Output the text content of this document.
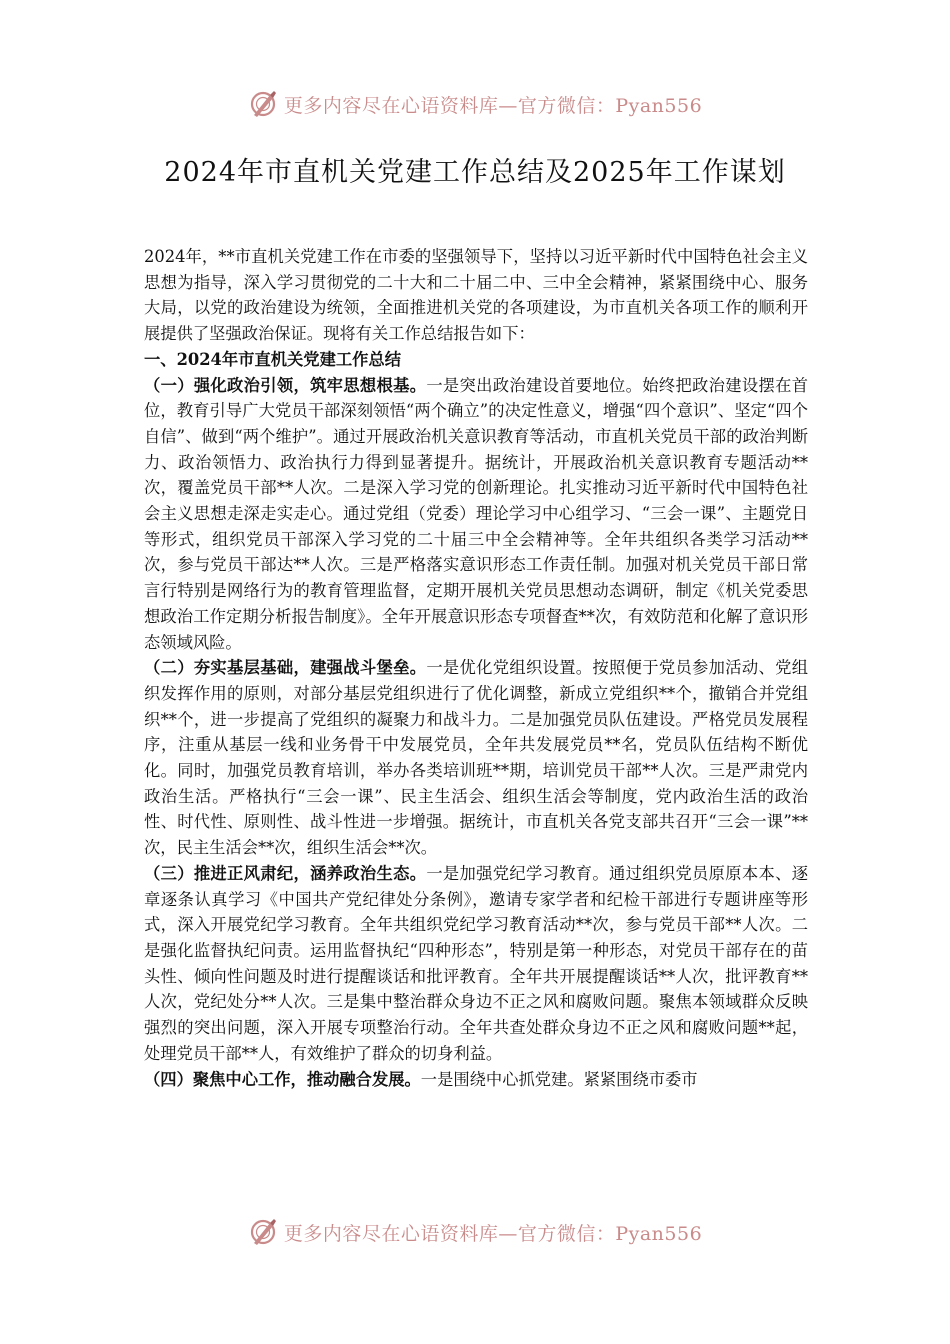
更多内容尽在心语资料库—官方微信：Pyan556
2024年市直机关党建工作总结及2025年工作谋划

2024年，**市直机关党建工作在市委的坚强领导下，坚持以习近平新时代中国特色社会主义思想为指导，深入学习贯彻党的二十大和二十届二中、三中全会精神，紧紧围绕中心、服务大局，以党的政治建设为统领，全面推进机关党的各项建设，为市直机关各项工作的顺利开展提供了坚强政治保证。现将有关工作总结报告如下：

一、2024年市直机关党建工作总结

（一）强化政治引领，筑牢思想根基。一是突出政治建设首要地位。始终把政治建设摆在首位，教育引导广大党员干部深刻领悟“两个确立”的决定性意义，增强“四个意识”、坚定“四个自信”、做到“两个维护”。通过开展政治机关意识教育等活动，市直机关党员干部的政治判断力、政治领悟力、政治执行力得到显著提升。据统计，开展政治机关意识教育专题活动**次，覆盖党员干部**人次。二是深入学习党的创新理论。扎实推动习近平新时代中国特色社会主义思想走深走实走心。通过党组（党委）理论学习中心组学习、“三会一课”、主题党日等形式，组织党员干部深入学习党的二十届三中全会精神等。全年共组织各类学习活动**次，参与党员干部达**人次。三是严格落实意识形态工作责任制。加强对机关党员干部日常言行特别是网络行为的教育管理监督，定期开展机关党员思想动态调研，制定《机关党委思想政治工作定期分析报告制度》。全年开展意识形态专项督查**次，有效防范和化解了意识形态领域风险。

（二）夯实基层基础，建强战斗堡垒。一是优化党组织设置。按照便于党员参加活动、党组织发挥作用的原则，对部分基层党组织进行了优化调整，新成立党组织**个，撤销合并党组织**个，进一步提高了党组织的凝聚力和战斗力。二是加强党员队伍建设。严格党员发展程序，注重从基层一线和业务骨干中发展党员，全年共发展党员**名，党员队伍结构不断优化。同时，加强党员教育培训，举办各类培训班**期，培训党员干部**人次。三是严肃党内政治生活。严格执行“三会一课”、民主生活会、组织生活会等制度，党内政治生活的政治性、时代性、原则性、战斗性进一步增强。据统计，市直机关各党支部共召开“三会一课”**次，民主生活会**次，组织生活会**次。

（三）推进正风肃纪，涵养政治生态。一是加强党纪学习教育。通过组织党员原原本本、逐章逐条认真学习《中国共产党纪律处分条例》，邀请专家学者和纪检干部进行专题讲座等形式，深入开展党纪学习教育。全年共组织党纪学习教育活动**次，参与党员干部**人次。二是强化监督执纪问责。运用监督执纪“四种形态”，特别是第一种形态，对党员干部存在的苗头性、倾向性问题及时进行提醒谈话和批评教育。全年共开展提醒谈话**人次，批评教育**人次，党纪处分**人次。三是集中整治群众身边不正之风和腐败问题。聚焦本领域群众反映强烈的突出问题，深入开展专项整治行动。全年共查处群众身边不正之风和腐败问题**起，处理党员干部**人，有效维护了群众的切身利益。

（四）聚焦中心工作，推动融合发展。一是围绕中心抓党建。紧紧围绕市委市

更多内容尽在心语资料库—官方微信：Pyan556
